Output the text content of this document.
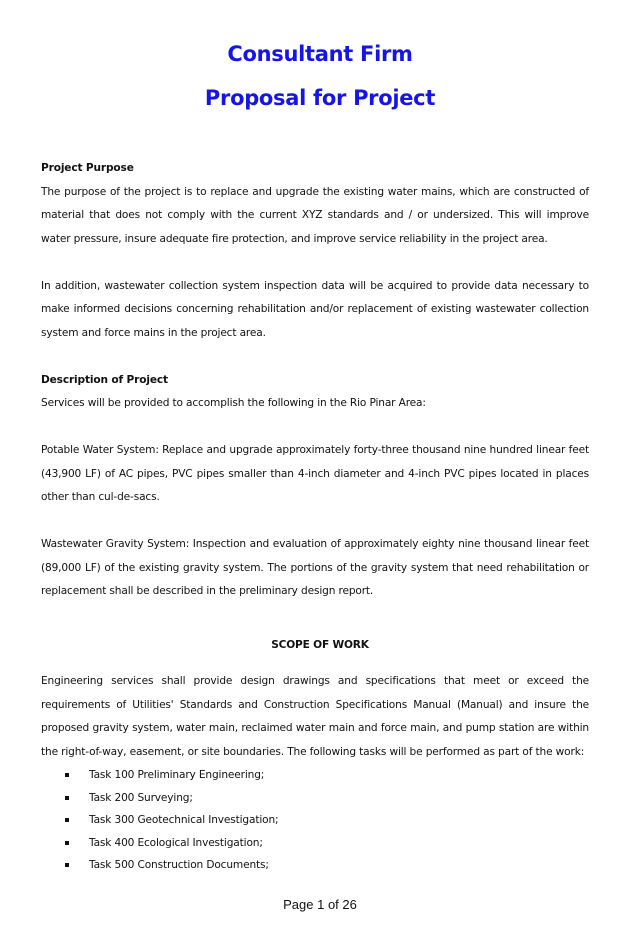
Consultant Firm
Proposal for Project

Project Purpose

The purpose of the project is to replace and upgrade the existing water mains, which are constructed of material that does not comply with the current XYZ standards and / or undersized. This will improve water pressure, insure adequate fire protection, and improve service reliability in the project area.

In addition, wastewater collection system inspection data will be acquired to provide data necessary to make informed decisions concerning rehabilitation and/or replacement of existing wastewater collection system and force mains in the project area.

Description of Project

Services will be provided to accomplish the following in the Rio Pinar Area:

Potable Water System: Replace and upgrade approximately forty-three thousand nine hundred linear feet (43,900 LF) of AC pipes, PVC pipes smaller than 4-inch diameter and 4-inch PVC pipes located in places other than cul-de-sacs.

Wastewater Gravity System: Inspection and evaluation of approximately eighty nine thousand linear feet (89,000 LF) of the existing gravity system. The portions of the gravity system that need rehabilitation or replacement shall be described in the preliminary design report.

SCOPE OF WORK

Engineering services shall provide design drawings and specifications that meet or exceed the requirements of Utilities' Standards and Construction Specifications Manual (Manual) and insure the proposed gravity system, water main, reclaimed water main and force main, and pump station are within the right-of-way, easement, or site boundaries. The following tasks will be performed as part of the work:

Task 100 Preliminary Engineering;
Task 200 Surveying;
Task 300 Geotechnical Investigation;
Task 400 Ecological Investigation;
Task 500 Construction Documents;
Page 1 of 26
